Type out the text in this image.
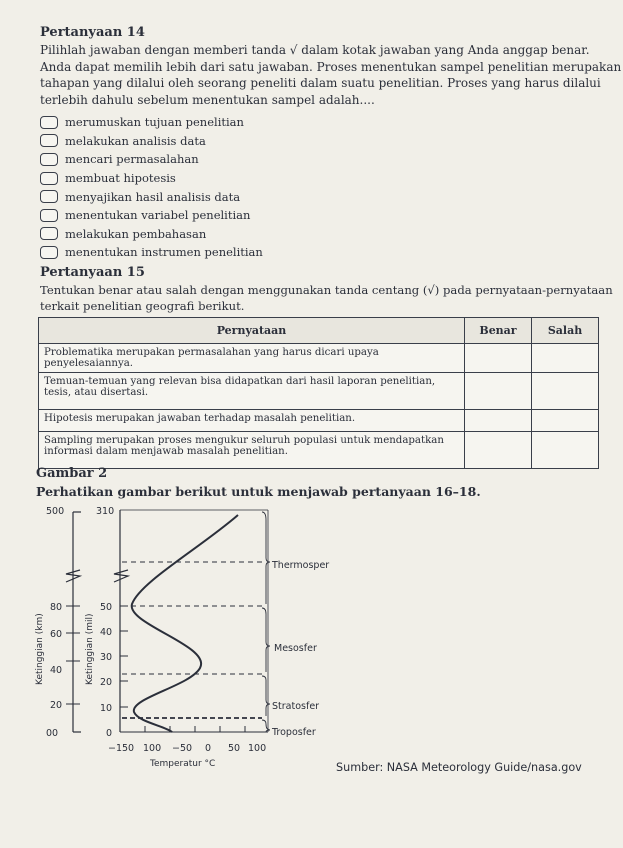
Pertanyaan 14
Pilihlah jawaban dengan memberi tanda √ dalam kotak jawaban yang Anda anggap benar.
Anda dapat memilih lebih dari satu jawaban. Proses menentukan sampel penelitian merupakan
tahapan yang dilalui oleh seorang peneliti dalam suatu penelitian. Proses yang harus dilalui
terlebih dahulu sebelum menentukan sampel adalah....
merumuskan tujuan penelitian
melakukan analisis data
mencari permasalahan
membuat hipotesis
menyajikan hasil analisis data
menentukan variabel penelitian
melakukan pembahasan
menentukan instrumen penelitian
Pertanyaan 15
Tentukan benar atau salah dengan menggunakan tanda centang (√) pada pernyataan-pernyataan
terkait penelitian geografi berikut.
Pernyataan	Benar	Salah
Problematika merupakan permasalahan yang harus dicari upaya penyelesaiannya.		
Temuan-temuan yang relevan bisa didapatkan dari hasil laporan penelitian, tesis, atau disertasi.		
Hipotesis merupakan jawaban terhadap masalah penelitian.		
Sampling merupakan proses mengukur seluruh populasi untuk mendapatkan informasi dalam menjawab masalah penelitian.		
Gambar 2
Perhatikan gambar berikut untuk menjawab pertanyaan 16–18.
Thermosper
Mesosfer
Stratosfer
Troposfer
500
80
60
40
20
00
310
50
40
30
20
10
0
Ketinggian (km)	Ketinggian (mil)
−150 100 −50 0 50 100
Temperatur °C	Sumber: NASA Meteorology Guide/nasa.gov
